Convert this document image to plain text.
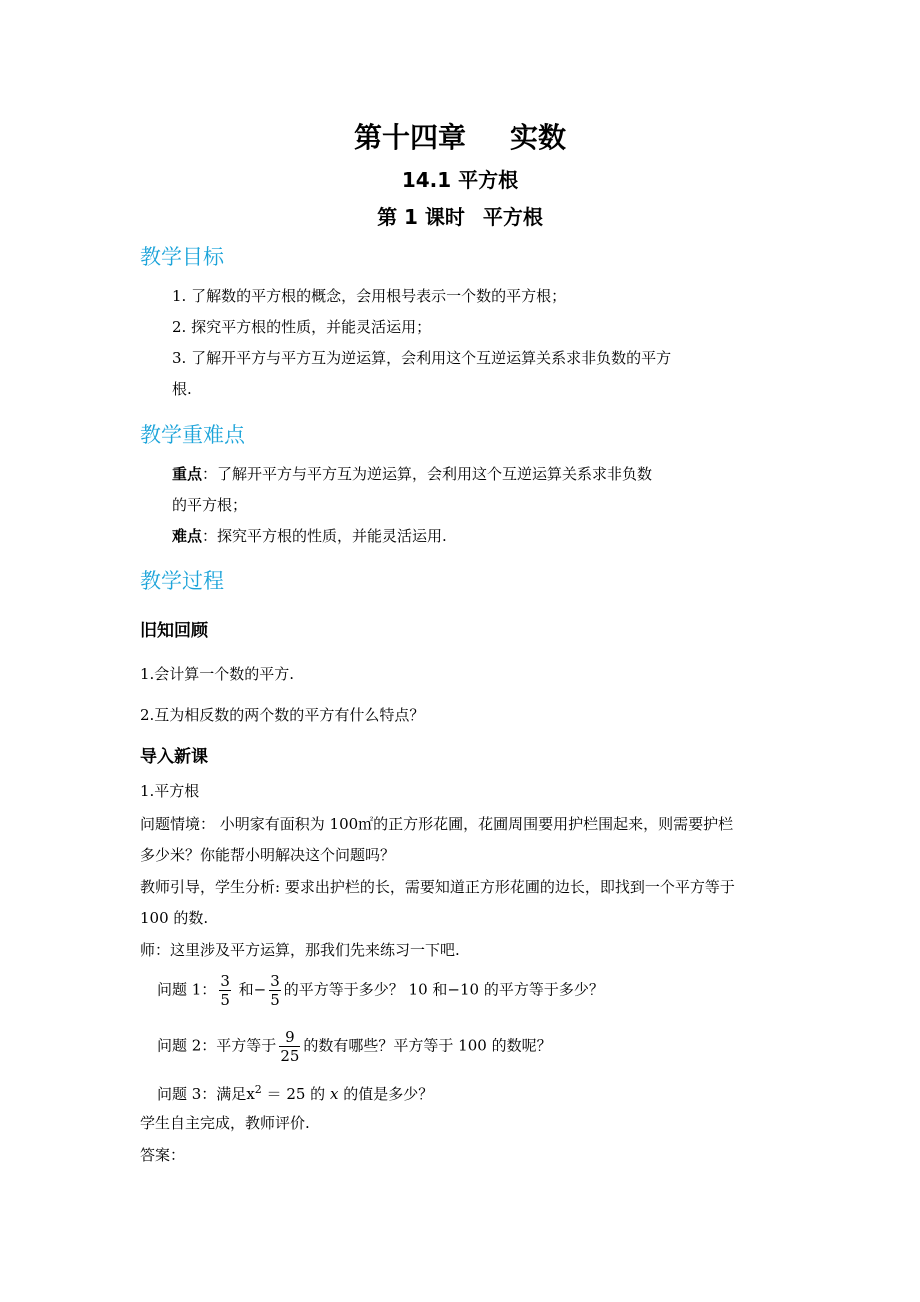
第十四章 实数
14.1 平方根
第 1 课时 平方根
教学目标
1. 了解数的平方根的概念，会用根号表示一个数的平方根；
2. 探究平方根的性质，并能灵活运用；
3. 了解开平方与平方互为逆运算，会利用这个互逆运算关系求非负数的平方
根.
教学重难点
重点：了解开平方与平方互为逆运算，会利用这个互逆运算关系求非负数
的平方根；
难点：探究平方根的性质，并能灵活运用.
教学过程
旧知回顾
1.会计算一个数的平方.
2.互为相反数的两个数的平方有什么特点？
导入新课
1.平方根
问题情境： 小明家有面积为 100㎡的正方形花圃，花圃周围要用护栏围起来，则需要护栏
多少米？你能帮小明解决这个问题吗？
教师引导，学生分析: 要求出护栏的长，需要知道正方形花圃的边长，即找到一个平方等于
100 的数.
师：这里涉及平方运算，那我们先来练习一下吧.
问题 1： $\frac{3}{5}$ 和− $\frac{3}{5}$ 的平方等于多少？ 10 和−10 的平方等于多少？
问题 2：平方等于 $\frac{9}{25}$ 的数有哪些？平方等于 100 的数呢？
问题 3：满足$x^2 = 25$ 的 x 的值是多少？
学生自主完成，教师评价.
答案：
